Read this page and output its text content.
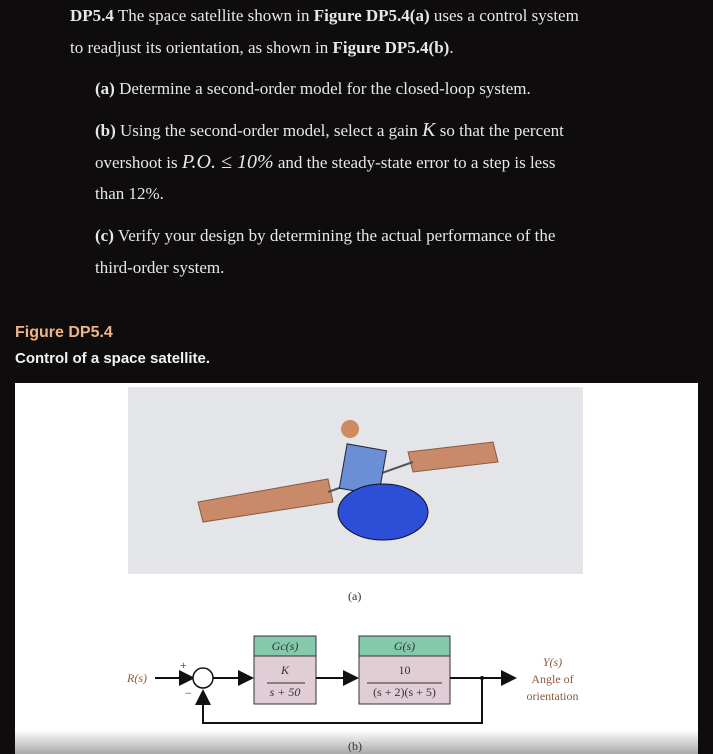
DP5.4 The space satellite shown in Figure DP5.4(a) uses a control system
to readjust its orientation, as shown in Figure DP5.4(b).
(a) Determine a second-order model for the closed-loop system.
(b) Using the second-order model, select a gain K so that the percent
overshoot is P.O. ≤ 10% and the steady-state error to a step is less
than 12%.
(c) Verify your design by determining the actual performance of the
third-order system.
Figure DP5.4
Control of a space satellite.
(a)
R(s)
+
−
Gc(s)
K
s + 50
G(s)
10
(s + 2)(s + 5)
Y(s)
Angle of
orientation
(b)
